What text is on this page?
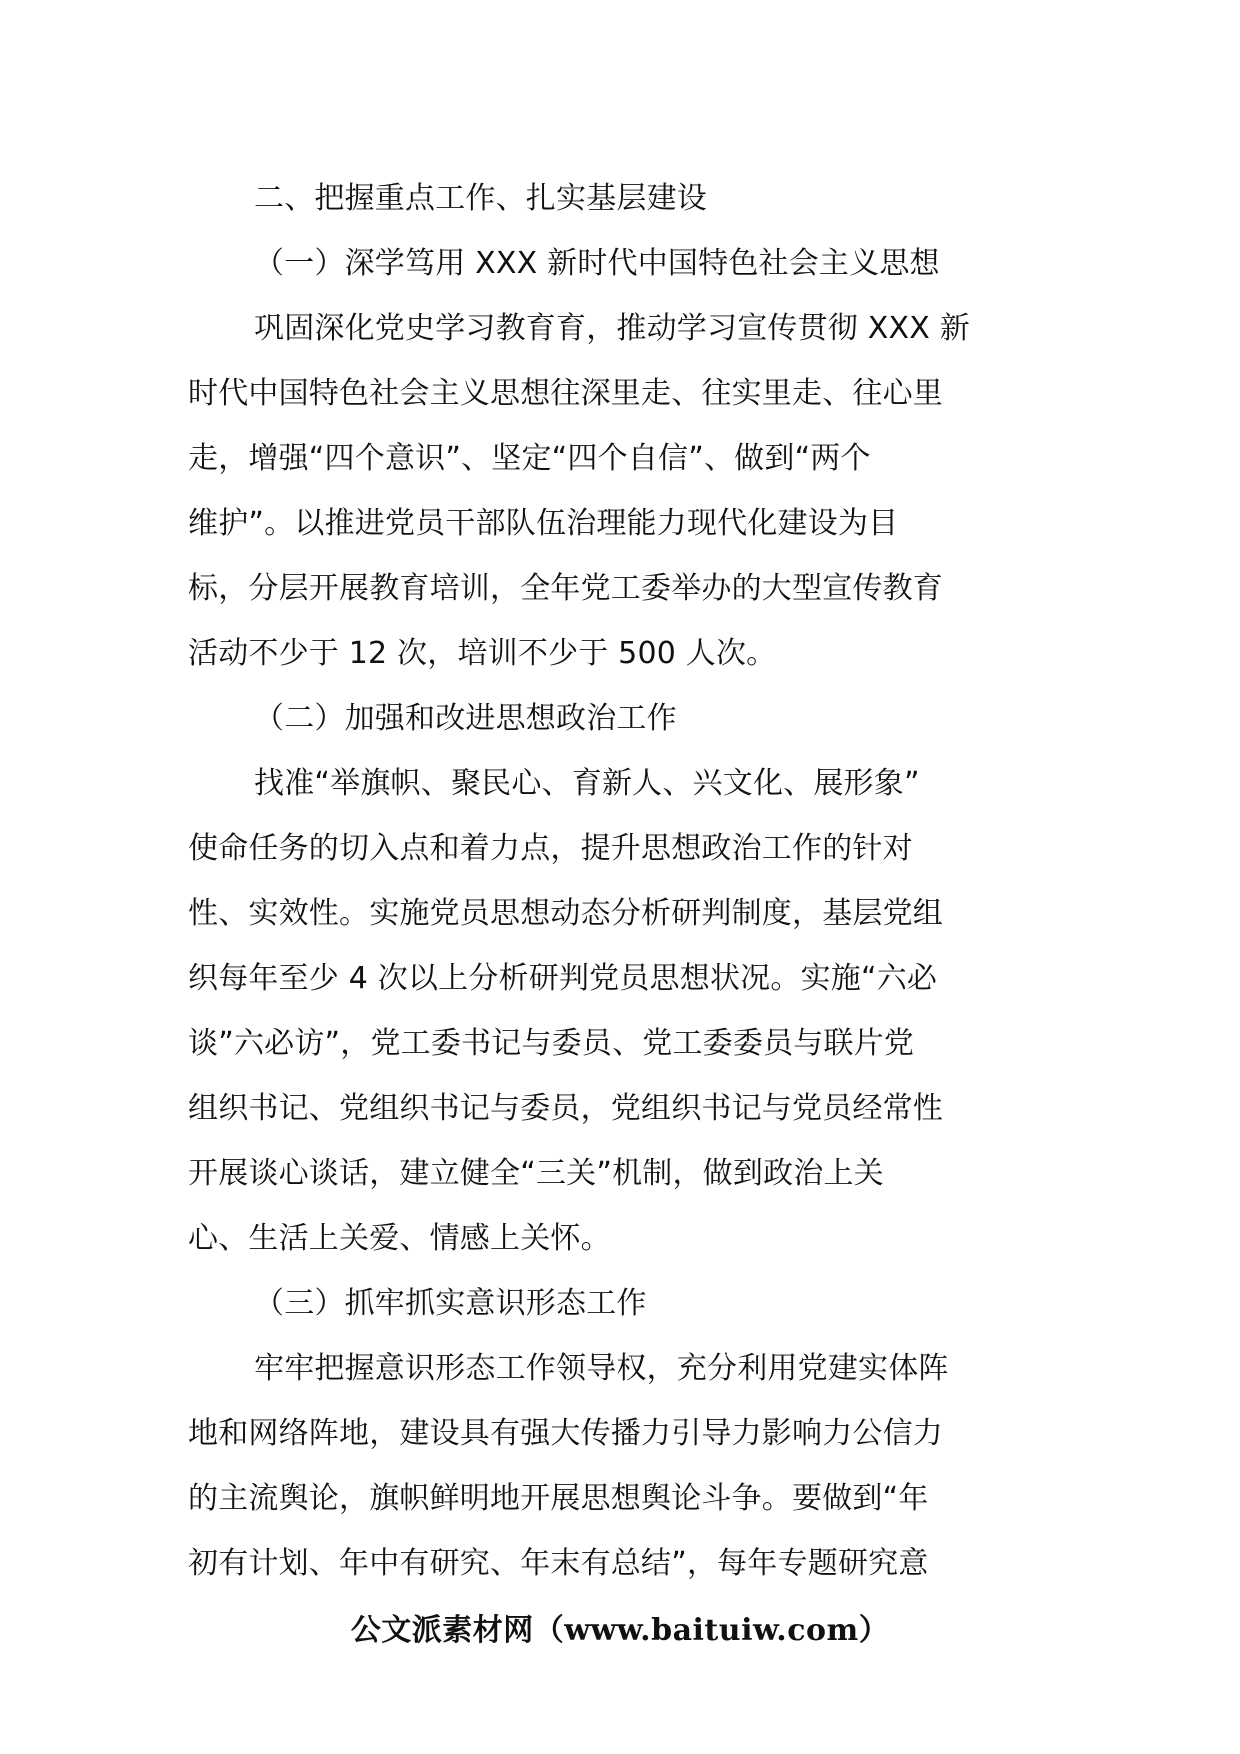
二、把握重点工作、扎实基层建设
（一）深学笃用 XXX 新时代中国特色社会主义思想
巩固深化党史学习教育育，推动学习宣传贯彻 XXX 新
时代中国特色社会主义思想往深里走、往实里走、往心里
走，增强“四个意识”、坚定“四个自信”、做到“两个
维护”。以推进党员干部队伍治理能力现代化建设为目
标，分层开展教育培训，全年党工委举办的大型宣传教育
活动不少于 12 次，培训不少于 500 人次。
（二）加强和改进思想政治工作
找准“举旗帜、聚民心、育新人、兴文化、展形象”
使命任务的切入点和着力点，提升思想政治工作的针对
性、实效性。实施党员思想动态分析研判制度，基层党组
织每年至少 4 次以上分析研判党员思想状况。实施“六必
谈”六必访”，党工委书记与委员、党工委委员与联片党
组织书记、党组织书记与委员，党组织书记与党员经常性
开展谈心谈话，建立健全“三关”机制，做到政治上关
心、生活上关爱、情感上关怀。
（三）抓牢抓实意识形态工作
牢牢把握意识形态工作领导权，充分利用党建实体阵
地和网络阵地，建设具有强大传播力引导力影响力公信力
的主流舆论，旗帜鲜明地开展思想舆论斗争。要做到“年
初有计划、年中有研究、年末有总结”，每年专题研究意
公文派素材网（www.baituiw.com）
